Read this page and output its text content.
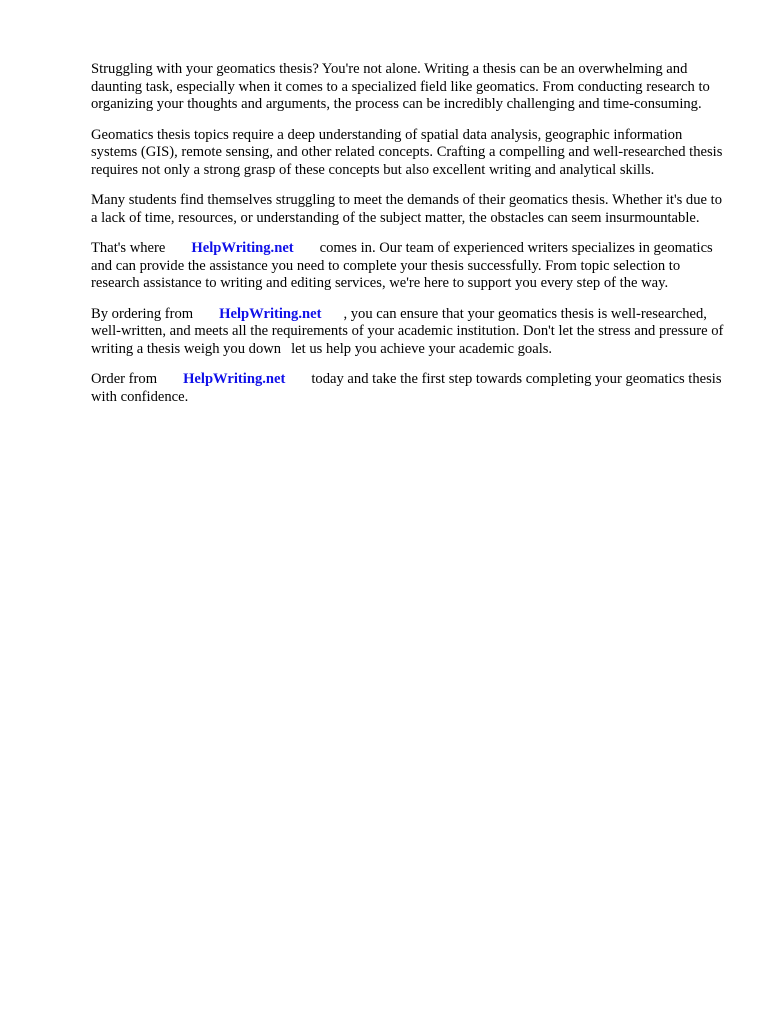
Struggling with your geomatics thesis? You're not alone. Writing a thesis can be an overwhelming and daunting task, especially when it comes to a specialized field like geomatics. From conducting research to organizing your thoughts and arguments, the process can be incredibly challenging and time-consuming.

Geomatics thesis topics require a deep understanding of spatial data analysis, geographic information systems (GIS), remote sensing, and other related concepts. Crafting a compelling and well-researched thesis requires not only a strong grasp of these concepts but also excellent writing and analytical skills.

Many students find themselves struggling to meet the demands of their geomatics thesis. Whether it's due to a lack of time, resources, or understanding of the subject matter, the obstacles can seem insurmountable.

That's where HelpWriting.net comes in. Our team of experienced writers specializes in geomatics and can provide the assistance you need to complete your thesis successfully. From topic selection to research assistance to writing and editing services, we're here to support you every step of the way.

By ordering from HelpWriting.net , you can ensure that your geomatics thesis is well-researched, well-written, and meets all the requirements of your academic institution. Don't let the stress and pressure of writing a thesis weigh you down let us help you achieve your academic goals.

Order from HelpWriting.net today and take the first step towards completing your geomatics thesis with confidence.
